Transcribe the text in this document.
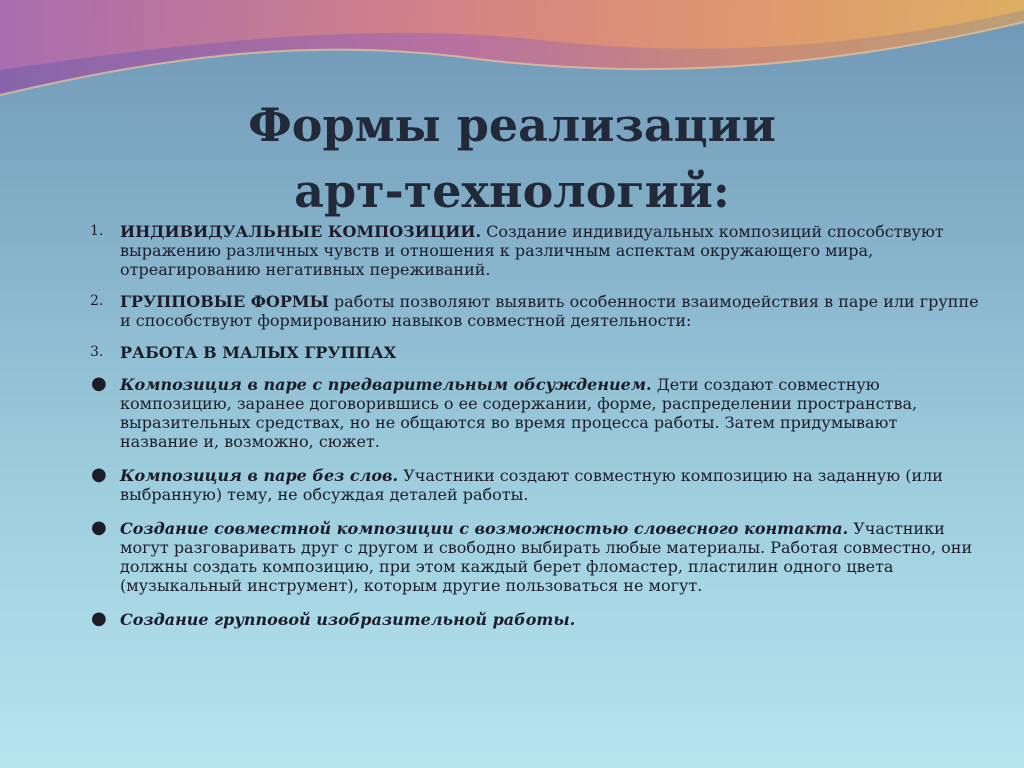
Формы реализации
арт-технологий:
1.	ИНДИВИДУАЛЬНЫЕ КОМПОЗИЦИИ. Создание индивидуальных композиций способствуют выражению различных чувств и отношения к различным аспектам окружающего мира, отреагированию негативных переживаний.
2.	ГРУППОВЫЕ ФОРМЫ работы позволяют выявить особенности взаимодействия в паре или группе и способствуют формированию навыков совместной деятельности:
3.	РАБОТА В МАЛЫХ ГРУППАХ
● Композиция в паре с предварительным обсуждением. Дети создают совместную композицию, заранее договорившись о ее содержании, форме, распределении пространства, выразительных средствах, но не общаются во время процесса работы. Затем придумывают название и, возможно, сюжет.
● Композиция в паре без слов. Участники создают совместную композицию на заданную (или выбранную) тему, не обсуждая деталей работы.
● Создание совместной композиции с возможностью словесного контакта. Участники могут разговаривать друг с другом и свободно выбирать любые материалы. Работая совместно, они должны создать композицию, при этом каждый берет фломастер, пластилин одного цвета (музыкальный инструмент), которым другие пользоваться не могут.
● Создание групповой изобразительной работы.
